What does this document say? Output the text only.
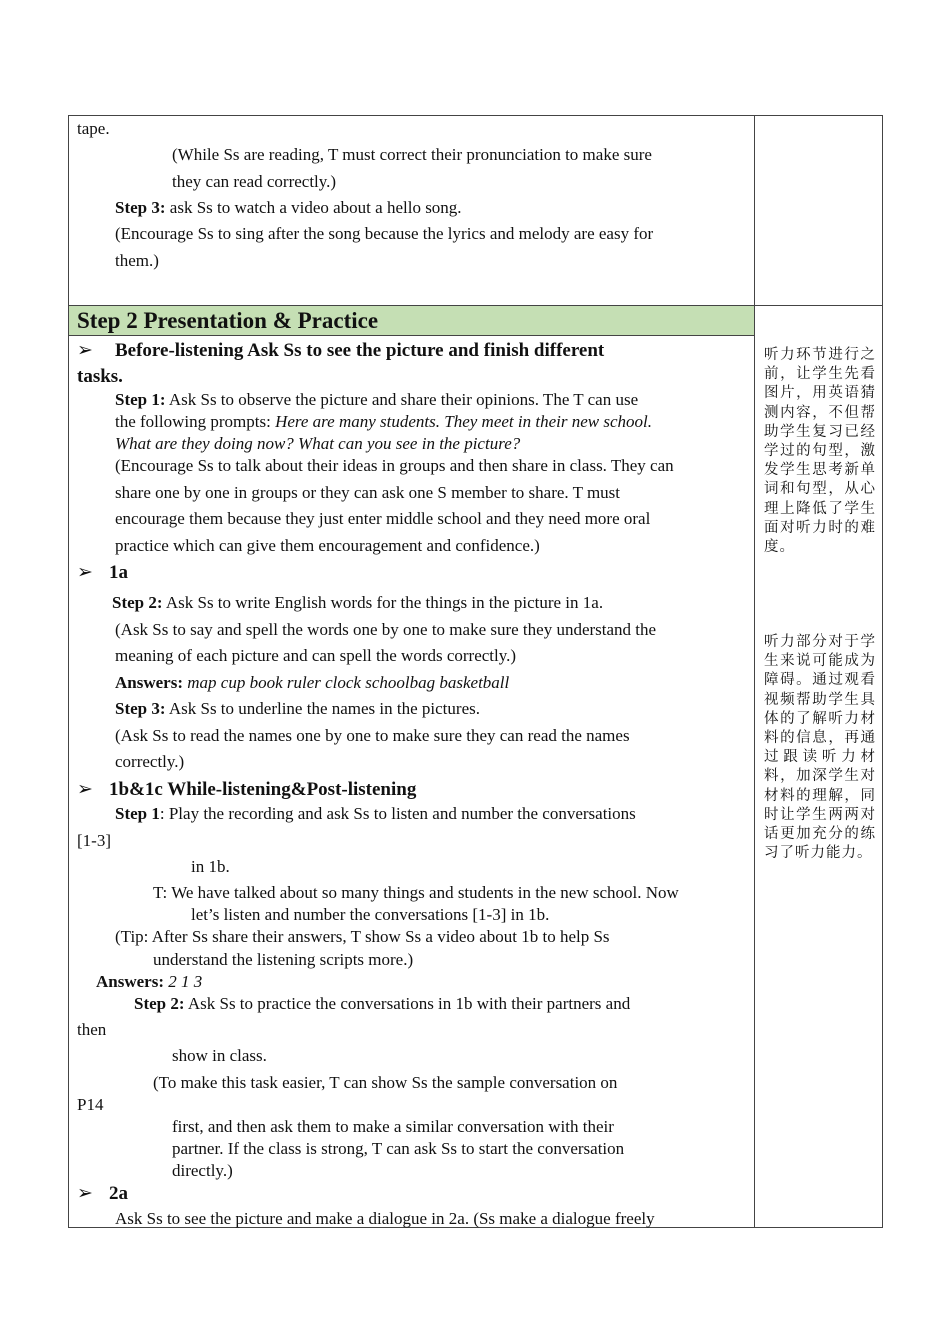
Step 2 Presentation & Practice
tape.
(While Ss are reading, T must correct their pronunciation to make sure
they can read correctly.)
Step 3: ask Ss to watch a video about a hello song.
(Encourage Ss to sing after the song because the lyrics and melody are easy for
them.)
➢ Before-listening Ask Ss to see the picture and finish different
tasks.
Step 1: Ask Ss to observe the picture and share their opinions. The T can use
the following prompts: Here are many students. They meet in their new school.
What are they doing now? What can you see in the picture?
(Encourage Ss to talk about their ideas in groups and then share in class. They can
share one by one in groups or they can ask one S member to share. T must
encourage them because they just enter middle school and they need more oral
practice which can give them encouragement and confidence.)
➢ 1a
Step 2: Ask Ss to write English words for the things in the picture in 1a.
(Ask Ss to say and spell the words one by one to make sure they understand the
meaning of each picture and can spell the words correctly.)
Answers: map cup book ruler clock schoolbag basketball
Step 3: Ask Ss to underline the names in the pictures.
(Ask Ss to read the names one by one to make sure they can read the names
correctly.)
➢ 1b&1c While-listening&Post-listening
Step 1: Play the recording and ask Ss to listen and number the conversations
[1-3]
in 1b.
T: We have talked about so many things and students in the new school. Now
let’s listen and number the conversations [1-3] in 1b.
(Tip: After Ss share their answers, T show Ss a video about 1b to help Ss
understand the listening scripts more.)
Answers: 2 1 3
Step 2: Ask Ss to practice the conversations in 1b with their partners and
then
show in class.
(To make this task easier, T can show Ss the sample conversation on
P14
first, and then ask them to make a similar conversation with their
partner. If the class is strong, T can ask Ss to start the conversation
directly.)
➢ 2a
Ask Ss to see the picture and make a dialogue in 2a. (Ss make a dialogue freely
听力环节进行之前，让学生先看图片，用英语猜测内容，不但帮助学生复习已经学过的句型，激发学生思考新单词和句型，从心理上降低了学生面对听力时的难度。
听力部分对于学生来说可能成为障碍。通过观看视频帮助学生具体的了解听力材料的信息，再通过跟读听力材料，加深学生对材料的理解，同时让学生两两对话更加充分的练习了听力能力。
